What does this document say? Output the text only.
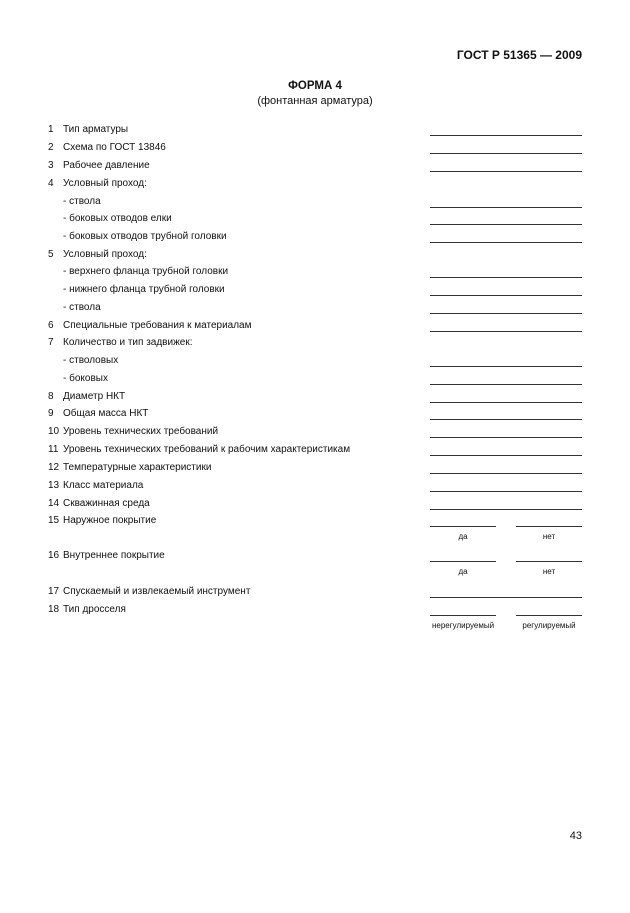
ГОСТ Р 51365 — 2009
ФОРМА 4
(фонтанная арматура)
1 Тип арматуры
2 Схема по ГОСТ 13846
3 Рабочее давление
4 Условный проход:
- ствола
- боковых отводов елки
- боковых отводов трубной головки
5 Условный проход:
- верхнего фланца трубной головки
- нижнего фланца трубной головки
- ствола
6 Специальные требования к материалам
7 Количество и тип задвижек:
- стволовых
- боковых
8 Диаметр НКТ
9 Общая масса НКТ
10 Уровень технических требований
11 Уровень технических требований к рабочим характеристикам
12 Температурные характеристики
13 Класс материала
14 Скважинная среда
15 Наружное покрытие
да	нет
16 Внутреннее покрытие
да	нет
17 Спускаемый и извлекаемый инструмент
18 Тип дросселя
нерегулируемый	регулируемый
43
